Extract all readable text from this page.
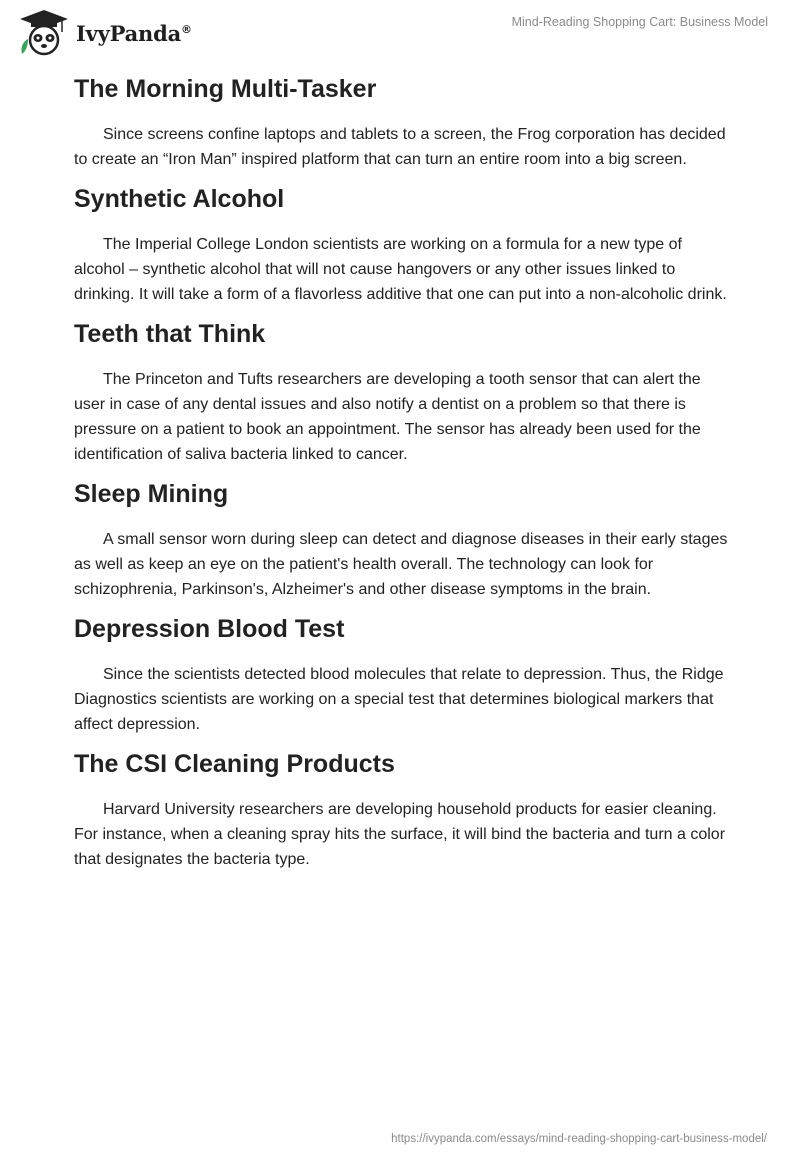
IvyPanda®	Mind-Reading Shopping Cart: Business Model
The Morning Multi-Tasker

Since screens confine laptops and tablets to a screen, the Frog corporation has decided to create an “Iron Man” inspired platform that can turn an entire room into a big screen.

Synthetic Alcohol

The Imperial College London scientists are working on a formula for a new type of alcohol – synthetic alcohol that will not cause hangovers or any other issues linked to drinking. It will take a form of a flavorless additive that one can put into a non-alcoholic drink.

Teeth that Think

The Princeton and Tufts researchers are developing a tooth sensor that can alert the user in case of any dental issues and also notify a dentist on a problem so that there is pressure on a patient to book an appointment. The sensor has already been used for the identification of saliva bacteria linked to cancer.

Sleep Mining

A small sensor worn during sleep can detect and diagnose diseases in their early stages as well as keep an eye on the patient's health overall. The technology can look for schizophrenia, Parkinson's, Alzheimer's and other disease symptoms in the brain.

Depression Blood Test

Since the scientists detected blood molecules that relate to depression. Thus, the Ridge Diagnostics scientists are working on a special test that determines biological markers that affect depression.

The CSI Cleaning Products

Harvard University researchers are developing household products for easier cleaning. For instance, when a cleaning spray hits the surface, it will bind the bacteria and turn a color that designates the bacteria type.

https://ivypanda.com/essays/mind-reading-shopping-cart-business-model/
